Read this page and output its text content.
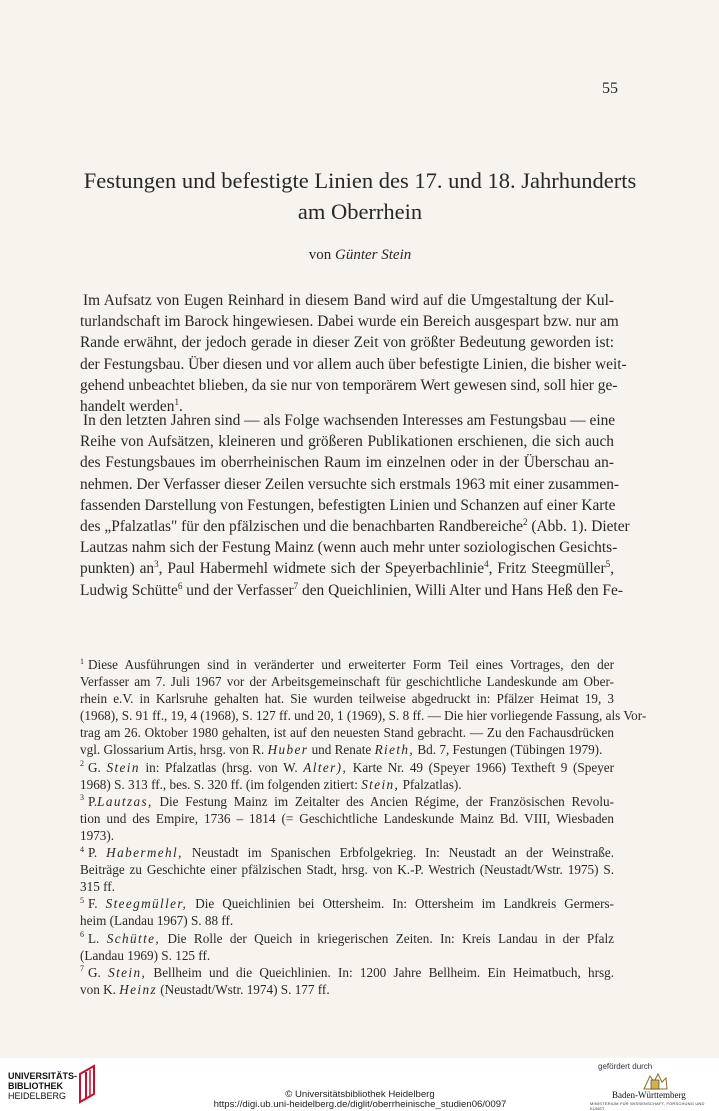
55
Festungen und befestigte Linien des 17. und 18. Jahrhunderts
am Oberrhein
von Günter Stein
Im Aufsatz von Eugen Reinhard in diesem Band wird auf die Umgestaltung der Kul-
turlandschaft im Barock hingewiesen. Dabei wurde ein Bereich ausgespart bzw. nur am
Rande erwähnt, der jedoch gerade in dieser Zeit von größter Bedeutung geworden ist:
der Festungsbau. Über diesen und vor allem auch über befestigte Linien, die bisher weit-
gehend unbeachtet blieben, da sie nur von temporärem Wert gewesen sind, soll hier ge-
handelt werden$^1$.
In den letzten Jahren sind — als Folge wachsenden Interesses am Festungsbau — eine
Reihe von Aufsätzen, kleineren und größeren Publikationen erschienen, die sich auch
des Festungsbaues im oberrheinischen Raum im einzelnen oder in der Überschau an-
nehmen. Der Verfasser dieser Zeilen versuchte sich erstmals 1963 mit einer zusammen-
fassenden Darstellung von Festungen, befestigten Linien und Schanzen auf einer Karte
des „Pfalzatlas" für den pfälzischen und die benachbarten Randbereiche$^2$ (Abb. 1). Dieter
Lautzas nahm sich der Festung Mainz (wenn auch mehr unter soziologischen Gesichts-
punkten) $an^3$, Paul Habermehl widmete sich der Speyerbachlinie$^4$, Fritz Steegmüller$^5$,
Ludwig Schütte$^6$ und der Verfasser$^7$ den Queichlinien, Willi Alter und Hans Heß den Fe-
$^1$ Diese Ausführungen sind in veränderter und erweiterter Form Teil eines Vortrages, den der
Verfasser am 7. Juli 1967 vor der Arbeitsgemeinschaft für geschichtliche Landeskunde am Ober-
rhein e.V. in Karlsruhe gehalten hat. Sie wurden teilweise abgedruckt in: Pfälzer Heimat 19, 3
(1968), S. 91 ff., 19, 4 (1968), S. 127 ff. und 20, 1 (1969), S. 8 ff. — Die hier vorliegende Fassung, als Vor-
trag am 26. Oktober 1980 gehalten, ist auf den neuesten Stand gebracht. — Zu den Fachausdrücken
vgl. Glossarium Artis, hrsg. von R. Huber und Renate Rieth, Bd. 7, Festungen (Tübingen 1979).
$^2$ G. Stein in: Pfalzatlas (hrsg. von W. Alter), Karte Nr. 49 (Speyer 1966) Textheft 9 (Speyer
1968) S. 313 ff., bes. S. 320 ff. (im folgenden zitiert: Stein, Pfalzatlas).
$^3$ P.Lautzas, Die Festung Mainz im Zeitalter des Ancien Régime, der Französischen Revolu-
tion und des Empire, 1736 – 1814 (= Geschichtliche Landeskunde Mainz Bd. VIII, Wiesbaden
1973).
$^4$ P. Habermehl, Neustadt im Spanischen Erbfolgekrieg. In: Neustadt an der Weinstraße.
Beiträge zu Geschichte einer pfälzischen Stadt, hrsg. von K.-P. Westrich (Neustadt/Wstr. 1975) S.
315 ff.
$^5$ F. Steegmüller, Die Queichlinien bei Ottersheim. In: Ottersheim im Landkreis Germers-
heim (Landau 1967) S. 88 ff.
$^6$ L. Schütte, Die Rolle der Queich in kriegerischen Zeiten. In: Kreis Landau in der Pfalz
(Landau 1969) S. 125 ff.
$^7$ G. Stein, Bellheim und die Queichlinien. In: 1200 Jahre Bellheim. Ein Heimatbuch, hrsg.
von K. Heinz (Neustadt/Wstr. 1974) S. 177 ff.
UNIVERSITÄTS-
BIBLIOTHEK
HEIDELBERG	© Universitätsbibliothek Heidelberg
https://digi.ub.uni-heidelberg.de/diglit/oberrheinische_studien06/0097
gefördert durch
Baden-Württemberg
MINISTERIUM FÜR WISSENSCHAFT, FORSCHUNG UND KUNST
